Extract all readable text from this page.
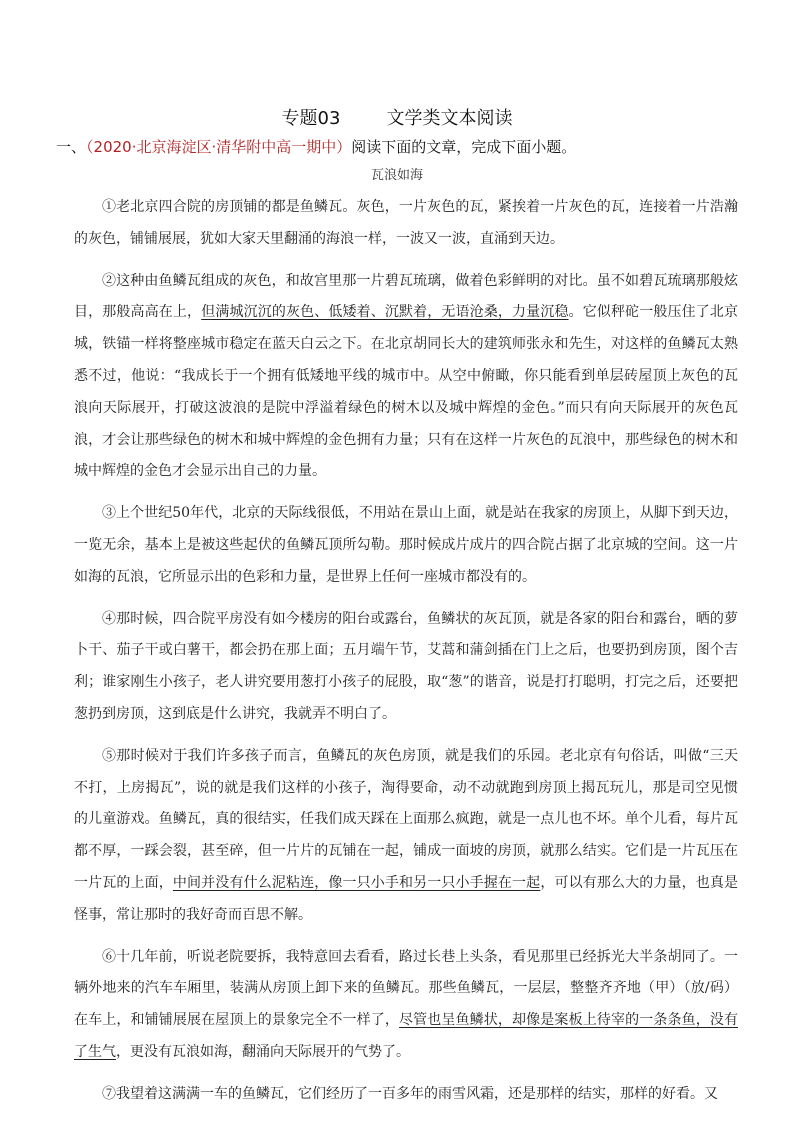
专题03	文学类文本阅读
一、（2020·北京海淀区·清华附中高一期中）阅读下面的文章，完成下面小题。
瓦浪如海

①老北京四合院的房顶铺的都是鱼鳞瓦。灰色，一片灰色的瓦，紧挨着一片灰色的瓦，连接着一片浩瀚的灰色，铺铺展展，犹如大家天里翻涌的海浪一样，一波又一波，直涌到天边。

②这种由鱼鳞瓦组成的灰色，和故宫里那一片碧瓦琉璃，做着色彩鲜明的对比。虽不如碧瓦琉璃那般炫目，那般高高在上，但满城沉沉的灰色、低矮着、沉默着，无语沧桑，力量沉稳。它似秤砣一般压住了北京城，铁锚一样将整座城市稳定在蓝天白云之下。在北京胡同长大的建筑师张永和先生，对这样的鱼鳞瓦太熟悉不过，他说：“我成长于一个拥有低矮地平线的城市中。从空中俯瞰，你只能看到单层砖屋顶上灰色的瓦浪向天际展开，打破这波浪的是院中浮溢着绿色的树木以及城中辉煌的金色。”而只有向天际展开的灰色瓦浪，才会让那些绿色的树木和城中辉煌的金色拥有力量；只有在这样一片灰色的瓦浪中，那些绿色的树木和城中辉煌的金色才会显示出自己的力量。

③上个世纪50年代，北京的天际线很低，不用站在景山上面，就是站在我家的房顶上，从脚下到天边，一览无余，基本上是被这些起伏的鱼鳞瓦顶所勾勒。那时候成片成片的四合院占据了北京城的空间。这一片如海的瓦浪，它所显示出的色彩和力量，是世界上任何一座城市都没有的。

④那时候，四合院平房没有如今楼房的阳台或露台，鱼鳞状的灰瓦顶，就是各家的阳台和露台，晒的萝卜干、茄子干或白薯干，都会扔在那上面；五月端午节，艾蒿和蒲剑插在门上之后，也要扔到房顶，图个吉利；谁家刚生小孩子，老人讲究要用葱打小孩子的屁股，取“葱”的谐音，说是打打聪明，打完之后，还要把葱扔到房顶，这到底是什么讲究，我就弄不明白了。

⑤那时候对于我们许多孩子而言，鱼鳞瓦的灰色房顶，就是我们的乐园。老北京有句俗话，叫做“三天不打，上房揭瓦”，说的就是我们这样的小孩子，淘得要命，动不动就跑到房顶上揭瓦玩儿，那是司空见惯的儿童游戏。鱼鳞瓦，真的很结实，任我们成天踩在上面那么疯跑，就是一点儿也不坏。单个儿看，每片瓦都不厚，一踩会裂，甚至碎，但一片片的瓦铺在一起，铺成一面坡的房顶，就那么结实。它们是一片瓦压在一片瓦的上面，中间并没有什么泥粘连，像一只小手和另一只小手握在一起，可以有那么大的力量，也真是怪事，常让那时的我好奇而百思不解。

⑥十几年前，听说老院要拆，我特意回去看看，路过长巷上头条，看见那里已经拆光大半条胡同了。一辆外地来的汽车车厢里，装满从房顶上卸下来的鱼鳞瓦。那些鱼鳞瓦，一层层，整整齐齐地（甲）（放/码）在车上，和铺铺展展在屋顶上的景象完全不一样了，尽管也呈鱼鳞状，却像是案板上待宰的一条条鱼，没有了生气，更没有瓦浪如海，翻涌向天际展开的气势了。

⑦我望着这满满一车的鱼鳞瓦，它们经历了一百多年的雨雪风霜，还是那样的结实，那样的好看。又
